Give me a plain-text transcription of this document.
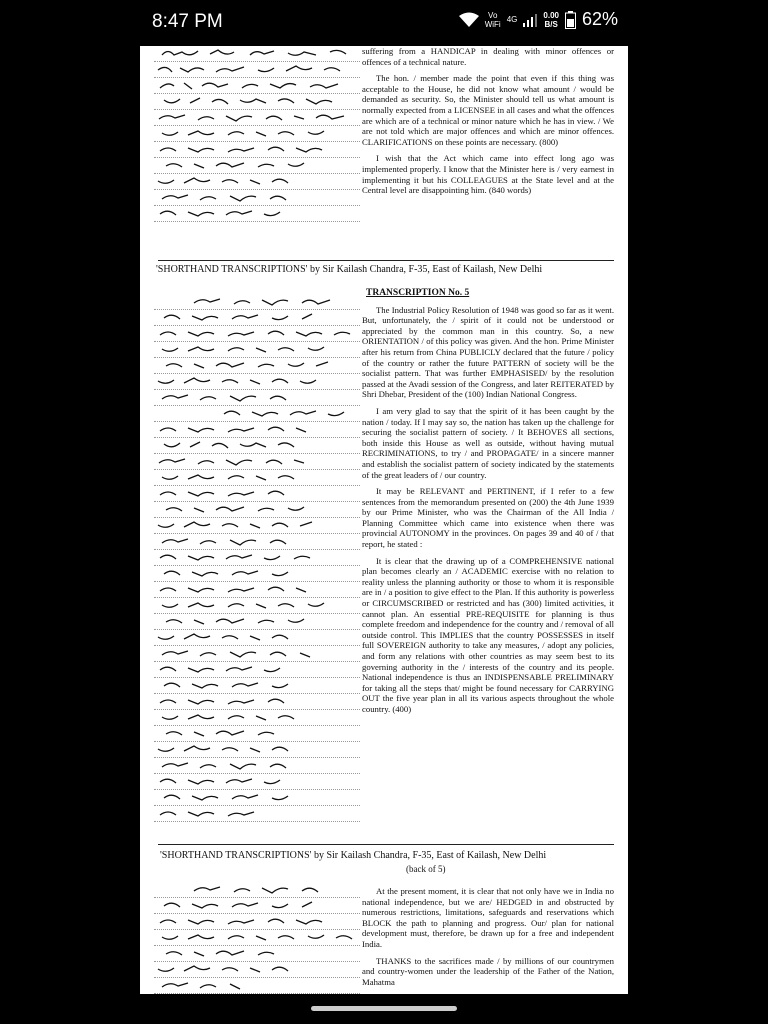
8:47 PM	Vo
WiFi 4G	0.00
B/S 62%

suffering from a HANDICAP in dealing with minor offences or offences of a technical nature.

The hon. / member made the point that even if this thing was acceptable to the House, he did not know what amount / would be demanded as security. So, the Minister should tell us what amount is normally expected from a LICENSEE in all cases and what the offences are which are of a technical or minor nature which he has in view. / We are not told which are major offences and which are minor offences. CLARIFICATIONS on these points are necessary. (800)

I wish that the Act which came into effect long ago was implemented properly. I know that the Minister here is / very earnest in implementing it but his COLLEAGUES at the State level and at the Central level are disappointing him. (840 words)

'SHORTHAND TRANSCRIPTIONS' by Sir Kailash Chandra, F-35, East of Kailash, New Delhi
TRANSCRIPTION No. 5

The Industrial Policy Resolution of 1948 was good so far as it went. But, unfortunately, the / spirit of it could not be understood or appreciated by the common man in this country. So, a new ORIENTATION / of this policy was given. And the hon. Prime Minister after his return from China PUBLICLY declared that the future / policy of the country or rather the future PATTERN of society will be the socialist pattern. That was further EMPHASISED/ by the resolution passed at the Avadi session of the Congress, and later REITERATED by Shri Dhebar, President of the (100) Indian National Congress.

I am very glad to say that the spirit of it has been caught by the nation / today. If I may say so, the nation has taken up the challenge for securing the socialist pattern of society. / It BEHOVES all sections, both inside this House as well as outside, without having mutual RECRIMINATIONS, to try / and PROPAGATE/ in a sincere manner and establish the socialist pattern of society indicated by the statements of the great leaders of / our country.

It may be RELEVANT and PERTINENT, if I refer to a few sentences from the memorandum presented on (200) the 4th June 1939 by our Prime Minister, who was the Chairman of the All India / Planning Committee which came into existence when there was provincial AUTONOMY in the provinces. On pages 39 and 40 of / that report, he stated :

It is clear that the drawing up of a COMPREHENSIVE national plan becomes clearly an / ACADEMIC exercise with no relation to reality unless the planning authority or those to whom it is responsible are in / a position to give effect to the Plan. If this authority is powerless or CIRCUMSCRIBED or restricted and has (300) limited activities, it cannot plan. An essential PRE-REQUISITE for planning is thus complete freedom and independence for the country and / removal of all outside control. This IMPLIES that the country POSSESSES in itself full SOVEREIGN authority to take any measures, / adopt any policies, and form any relations with other countries as may seem best to its governing authority in the / interests of the country and its people. National independence is thus an INDISPENSABLE PRELIMINARY for taking all the steps that/ might be found necessary for CARRYING OUT the five year plan in all its various aspects throughout the whole country. (400)

'SHORTHAND TRANSCRIPTIONS' by Sir Kailash Chandra, F-35, East of Kailash, New Delhi
(back of 5)

At the present moment, it is clear that not only have we in India no national independence, but we are/ HEDGED in and obstructed by numerous restrictions, limitations, safeguards and reservations which BLOCK the path to planning and progress. Our/ plan for national development must, therefore, be drawn up for a free and independent India.

THANKS to the sacrifices made / by millions of our countrymen and country-women under the leadership of the Father of the Nation, Mahatma
